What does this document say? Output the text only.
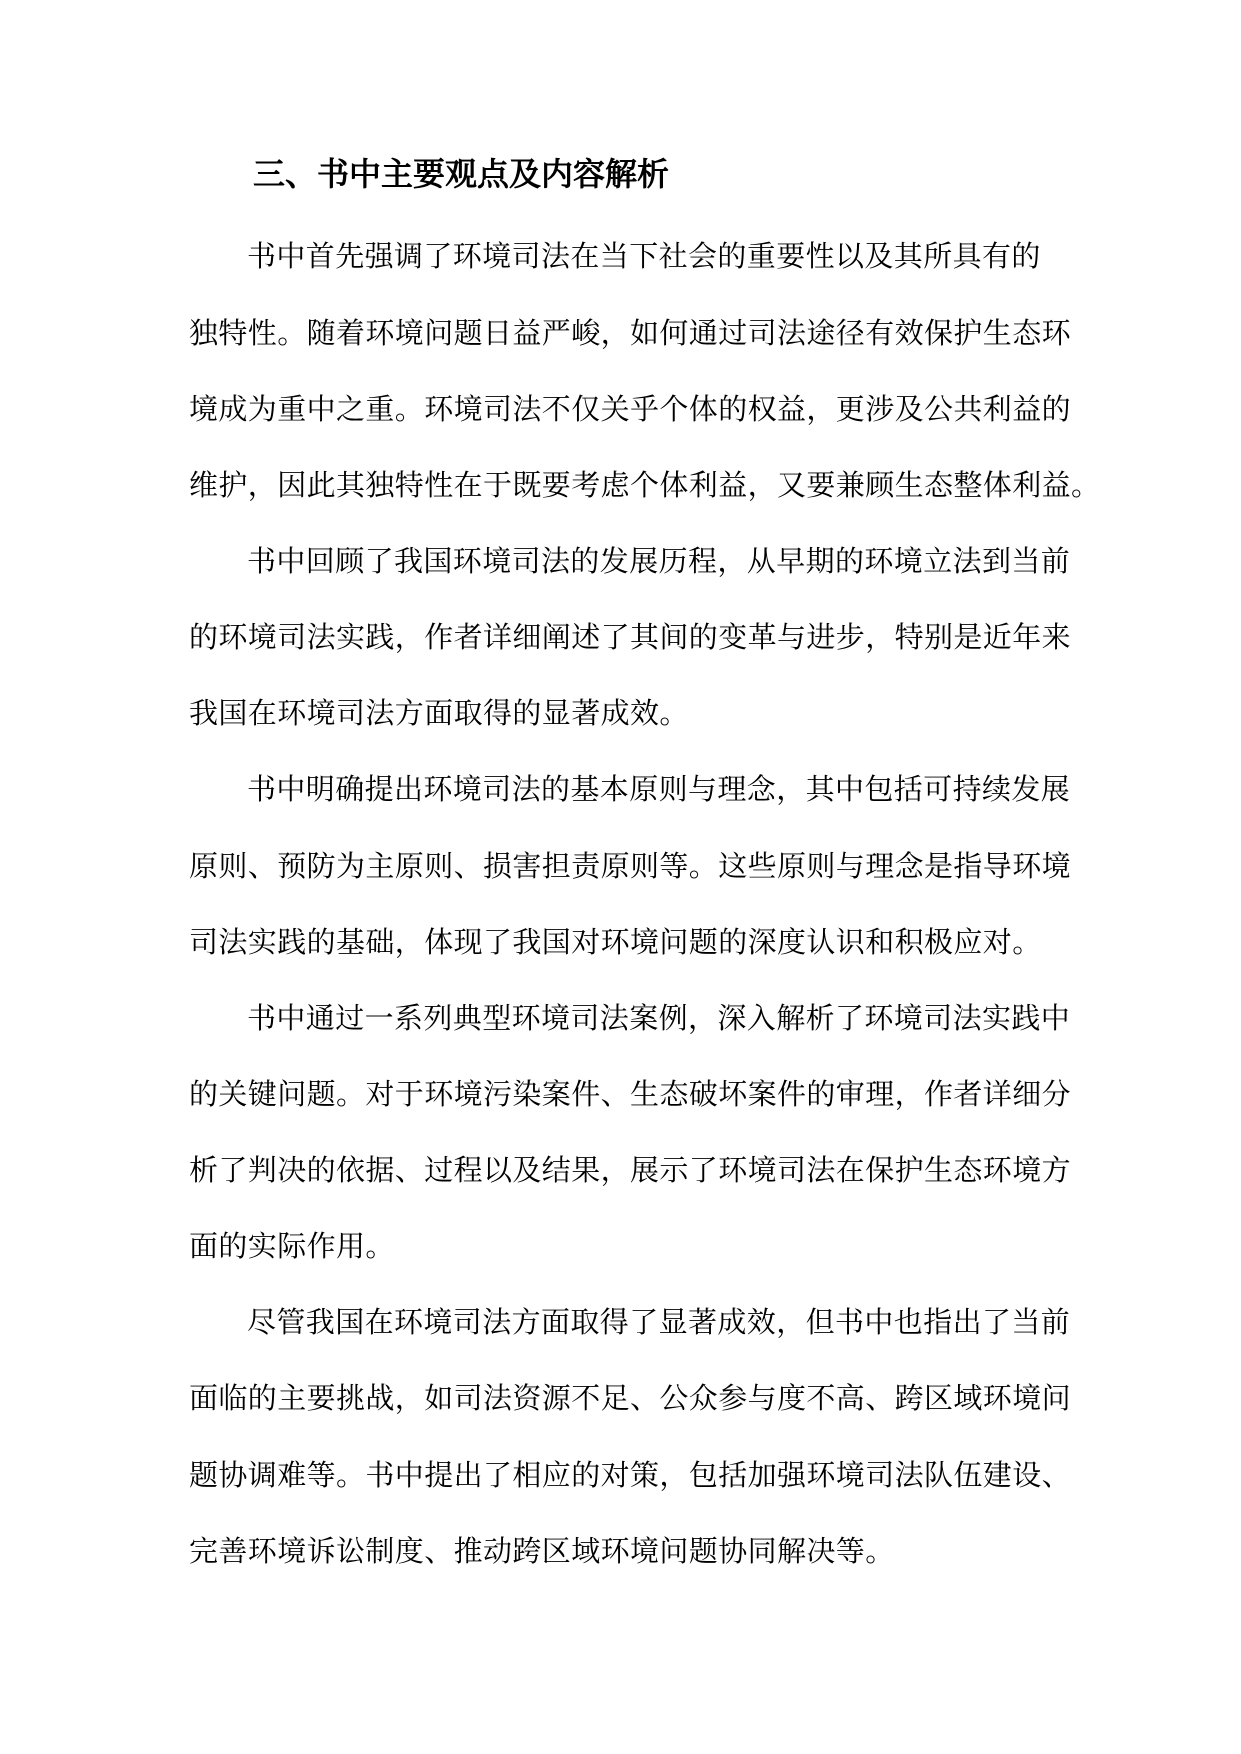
三、书中主要观点及内容解析

书中首先强调了环境司法在当下社会的重要性以及其所具有的

独特性。随着环境问题日益严峻，如何通过司法途径有效保护生态环

境成为重中之重。环境司法不仅关乎个体的权益，更涉及公共利益的

维护，因此其独特性在于既要考虑个体利益，又要兼顾生态整体利益。

书中回顾了我国环境司法的发展历程，从早期的环境立法到当前

的环境司法实践，作者详细阐述了其间的变革与进步，特别是近年来

我国在环境司法方面取得的显著成效。

书中明确提出环境司法的基本原则与理念，其中包括可持续发展

原则、预防为主原则、损害担责原则等。这些原则与理念是指导环境

司法实践的基础，体现了我国对环境问题的深度认识和积极应对。

书中通过一系列典型环境司法案例，深入解析了环境司法实践中

的关键问题。对于环境污染案件、生态破坏案件的审理，作者详细分

析了判决的依据、过程以及结果，展示了环境司法在保护生态环境方

面的实际作用。

尽管我国在环境司法方面取得了显著成效，但书中也指出了当前

面临的主要挑战，如司法资源不足、公众参与度不高、跨区域环境问

题协调难等。书中提出了相应的对策，包括加强环境司法队伍建设、

完善环境诉讼制度、推动跨区域环境问题协同解决等。
